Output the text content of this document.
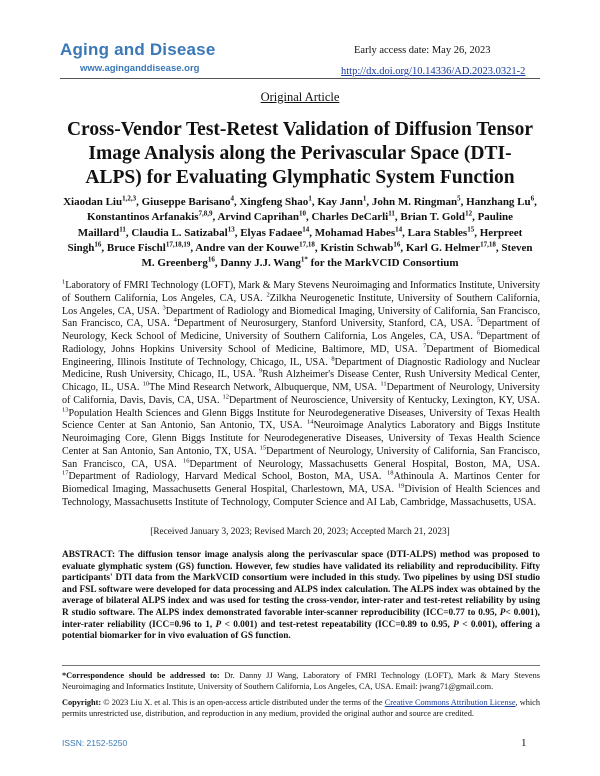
Aging and Disease
www.aginganddisease.org
Early access date: May 26, 2023
http://dx.doi.org/10.14336/AD.2023.0321-2
Original Article
Cross-Vendor Test-Retest Validation of Diffusion Tensor Image Analysis along the Perivascular Space (DTI-ALPS) for Evaluating Glymphatic System Function
Xiaodan Liu$^{1,2,3}$, Giuseppe Barisano$^4$, Xingfeng Shao$^1$, Kay Jann$^1$, John M. Ringman$^5$, Hanzhang Lu$^6$, Konstantinos Arfanakis$^{7,8,9}$, Arvind Caprihan$^{10}$, Charles DeCarli$^{11}$, Brian T. Gold$^{12}$, Pauline Maillard$^{11}$, Claudia L. Satizabal$^{13}$, Elyas Fadaee$^{14}$, Mohamad Habes$^{14}$, Lara Stables$^{15}$, Herpreet Singh$^{16}$, Bruce Fischl$^{17,18,19}$, Andre van der Kouwe$^{17,18}$, Kristin Schwab$^{16}$, Karl G. Helmer$^{17,18}$, Steven M. Greenberg$^{16}$, Danny J.J. Wang$^{1*}$ for the MarkVCID Consortium
$^1$Laboratory of FMRI Technology (LOFT), Mark & Mary Stevens Neuroimaging and Informatics Institute, University of Southern California, Los Angeles, CA, USA. $^2$Zilkha Neurogenetic Institute, University of Southern California, Los Angeles, CA, USA. $^3$Department of Radiology and Biomedical Imaging, University of California, San Francisco, San Francisco, CA, USA. $^4$Department of Neurosurgery, Stanford University, Stanford, CA, USA. $^5$Department of Neurology, Keck School of Medicine, University of Southern California, Los Angeles, CA, USA. $^6$Department of Radiology, Johns Hopkins University School of Medicine, Baltimore, MD, USA. $^7$Department of Biomedical Engineering, Illinois Institute of Technology, Chicago, IL, USA. $^8$Department of Diagnostic Radiology and Nuclear Medicine, Rush University, Chicago, IL, USA. $^9$Rush Alzheimer's Disease Center, Rush University Medical Center, Chicago, IL, USA. $^{10}$The Mind Research Network, Albuquerque, NM, USA. $^{11}$Department of Neurology, University of California, Davis, Davis, CA, USA. $^{12}$Department of Neuroscience, University of Kentucky, Lexington, KY, USA. $^{13}$Population Health Sciences and Glenn Biggs Institute for Neurodegenerative Diseases, University of Texas Health Science Center at San Antonio, San Antonio, TX, USA. $^{14}$Neuroimage Analytics Laboratory and Biggs Institute Neuroimaging Core, Glenn Biggs Institute for Neurodegenerative Diseases, University of Texas Health Science Center at San Antonio, San Antonio, TX, USA. $^{15}$Department of Neurology, University of California, San Francisco, San Francisco, CA, USA. $^{16}$Department of Neurology, Massachusetts General Hospital, Boston, MA, USA. $^{17}$Department of Radiology, Harvard Medical School, Boston, MA, USA. $^{18}$Athinoula A. Martinos Center for Biomedical Imaging, Massachusetts General Hospital, Charlestown, MA, USA. $^{19}$Division of Health Sciences and Technology, Massachusetts Institute of Technology, Computer Science and AI Lab, Cambridge, Massachusetts, USA.
[Received January 3, 2023; Revised March 20, 2023; Accepted March 21, 2023]
ABSTRACT: The diffusion tensor image analysis along the perivascular space (DTI-ALPS) method was proposed to evaluate glymphatic system (GS) function. However, few studies have validated its reliability and reproducibility. Fifty participants' DTI data from the MarkVCID consortium were included in this study. Two pipelines by using DSI studio and FSL software were developed for data processing and ALPS index calculation. The ALPS index was obtained by the average of bilateral ALPS index and was used for testing the cross-vendor, inter-rater and test-retest reliability by using R studio software. The ALPS index demonstrated favorable inter-scanner reproducibility (ICC=0.77 to 0.95, P< 0.001), inter-rater reliability (ICC=0.96 to 1, P < 0.001) and test-retest repeatability (ICC=0.89 to 0.95, P < 0.001), offering a potential biomarker for in vivo evaluation of GS function.
*Correspondence should be addressed to: Dr. Danny JJ Wang, Laboratory of FMRI Technology (LOFT), Mark & Mary Stevens Neuroimaging and Informatics Institute, University of Southern California, Los Angeles, CA, USA. Email: jwang71@gmail.com.
Copyright: © 2023 Liu X. et al. This is an open-access article distributed under the terms of the Creative Commons Attribution License, which permits unrestricted use, distribution, and reproduction in any medium, provided the original author and source are credited.
ISSN: 2152-5250	1
